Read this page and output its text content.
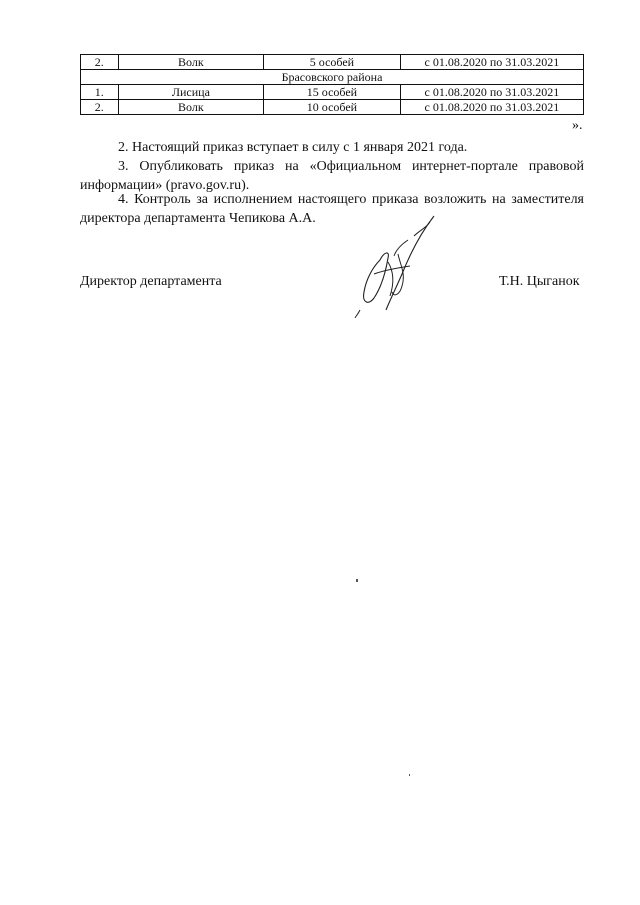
2.	Волк	5 особей	с 01.08.2020 по 31.03.2021
Брасовского района			
1.	Лисица	15 особей	с 01.08.2020 по 31.03.2021
2.	Волк	10 особей	с 01.08.2020 по 31.03.2021
».

2. Настоящий приказ вступает в силу с 1 января 2021 года.

3. Опубликовать приказ на «Официальном интернет-портале правовой информации» (pravo.gov.ru).

4. Контроль за исполнением настоящего приказа возложить на заместителя директора департамента Чепикова А.А.

Директор департамента	Т.Н. Цыганок
